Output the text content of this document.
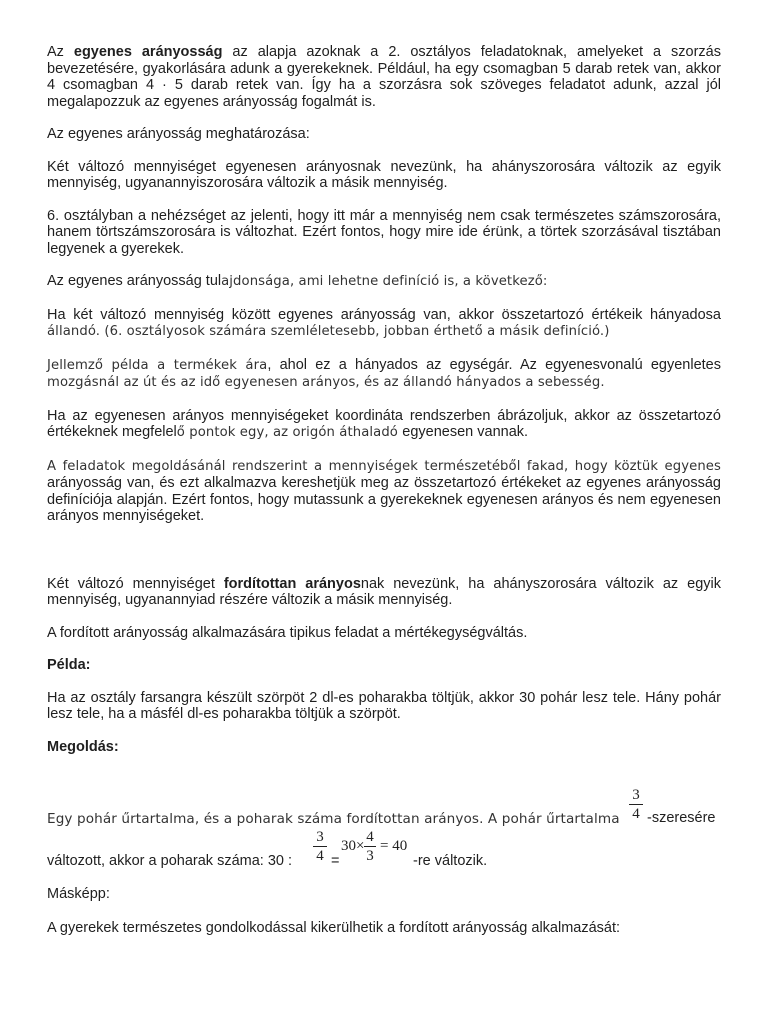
Az egyenes arányosság az alapja azoknak a 2. osztályos feladatoknak, amelyeket a szorzás bevezetésére, gyakorlására adunk a gyerekeknek. Például, ha egy csomagban 5 darab retek van, akkor 4 csomagban 4 · 5 darab retek van. Így ha a szorzásra sok szöveges feladatot adunk, azzal jól megalapozzuk az egyenes arányosság fogalmát is.

Az egyenes arányosság meghatározása:

Két változó mennyiséget egyenesen arányosnak nevezünk, ha ahányszorosára változik az egyik mennyiség, ugyanannyiszorosára változik a másik mennyiség.

6. osztályban a nehézséget az jelenti, hogy itt már a mennyiség nem csak természetes számszorosára, hanem törtszámszorosára is változhat. Ezért fontos, hogy mire ide érünk, a törtek szorzásával tisztában legyenek a gyerekek.

Az egyenes arányosság tulajdonsága, ami lehetne definíció is, a következő:

Ha két változó mennyiség között egyenes arányosság van, akkor összetartozó értékeik hányadosa állandó. (6. osztályosok számára szemléletesebb, jobban érthető a másik definíció.)

Jellemző példa a termékek ára, ahol ez a hányados az egységár. Az egyenesvonalú egyenletes mozgásnál az út és az idő egyenesen arányos, és az állandó hányados a sebesség.

Ha az egyenesen arányos mennyiségeket koordináta rendszerben ábrázoljuk, akkor az összetartozó értékeknek megfelelő pontok egy, az origón áthaladó egyenesen vannak.

A feladatok megoldásánál rendszerint a mennyiségek természetéből fakad, hogy köztük egyenes arányosság van, és ezt alkalmazva kereshetjük meg az összetartozó értékeket az egyenes arányosság definíciója alapján. Ezért fontos, hogy mutassunk a gyerekeknek egyenesen arányos és nem egyenesen arányos mennyiségeket.

Két változó mennyiséget fordítottan arányosnak nevezünk, ha ahányszorosára változik az egyik mennyiség, ugyanannyiad részére változik a másik mennyiség.

A fordított arányosság alkalmazására tipikus feladat a mértékegységváltás.

Példa:

Ha az osztály farsangra készült szörpöt 2 dl-es poharakba töltjük, akkor 30 pohár lesz tele. Hány pohár lesz tele, ha a másfél dl-es poharakba töltjük a szörpöt.

Megoldás:

Egy pohár űrtartalma, és a poharak száma fordítottan arányos. A pohár űrtartalma
3
4 -szeresére
változott, akkor a poharak száma: 30 :
3
4 =
30×
4
3
= 40
-re változik.
Másképp:
A gyerekek természetes gondolkodással kikerülhetik a fordított arányosság alkalmazását:
